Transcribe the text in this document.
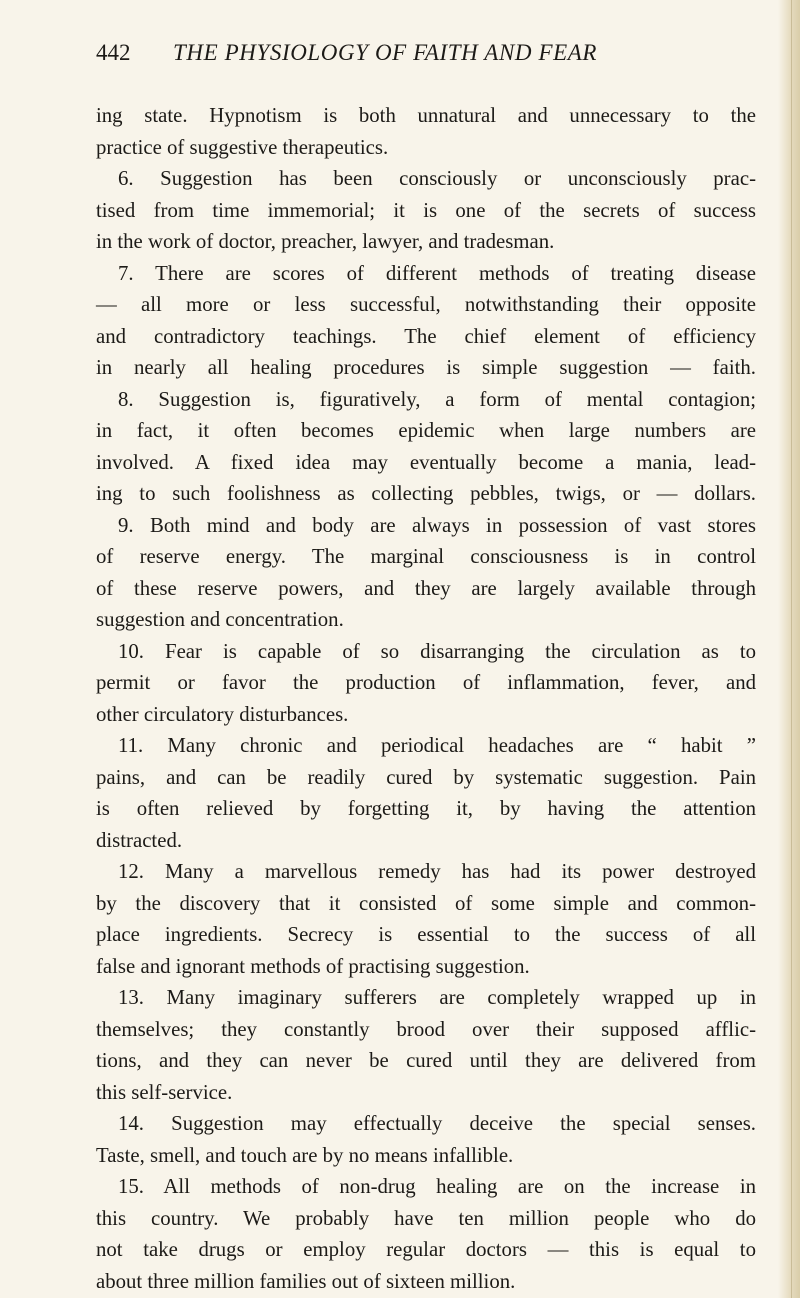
442 THE PHYSIOLOGY OF FAITH AND FEAR
ing state. Hypnotism is both unnatural and unnecessary to the
practice of suggestive therapeutics.
6. Suggestion has been consciously or unconsciously prac-
tised from time immemorial; it is one of the secrets of success
in the work of doctor, preacher, lawyer, and tradesman.
7. There are scores of different methods of treating disease
— all more or less successful, notwithstanding their opposite
and contradictory teachings. The chief element of efficiency
in nearly all healing procedures is simple suggestion — faith.
8. Suggestion is, figuratively, a form of mental contagion;
in fact, it often becomes epidemic when large numbers are
involved. A fixed idea may eventually become a mania, lead-
ing to such foolishness as collecting pebbles, twigs, or — dollars.
9. Both mind and body are always in possession of vast stores
of reserve energy. The marginal consciousness is in control
of these reserve powers, and they are largely available through
suggestion and concentration.
10. Fear is capable of so disarranging the circulation as to
permit or favor the production of inflammation, fever, and
other circulatory disturbances.
11. Many chronic and periodical headaches are “ habit ”
pains, and can be readily cured by systematic suggestion. Pain
is often relieved by forgetting it, by having the attention
distracted.
12. Many a marvellous remedy has had its power destroyed
by the discovery that it consisted of some simple and common-
place ingredients. Secrecy is essential to the success of all
false and ignorant methods of practising suggestion.
13. Many imaginary sufferers are completely wrapped up in
themselves; they constantly brood over their supposed afflic-
tions, and they can never be cured until they are delivered from
this self-service.
14. Suggestion may effectually deceive the special senses.
Taste, smell, and touch are by no means infallible.
15. All methods of non-drug healing are on the increase in
this country. We probably have ten million people who do
not take drugs or employ regular doctors — this is equal to
about three million families out of sixteen million.
